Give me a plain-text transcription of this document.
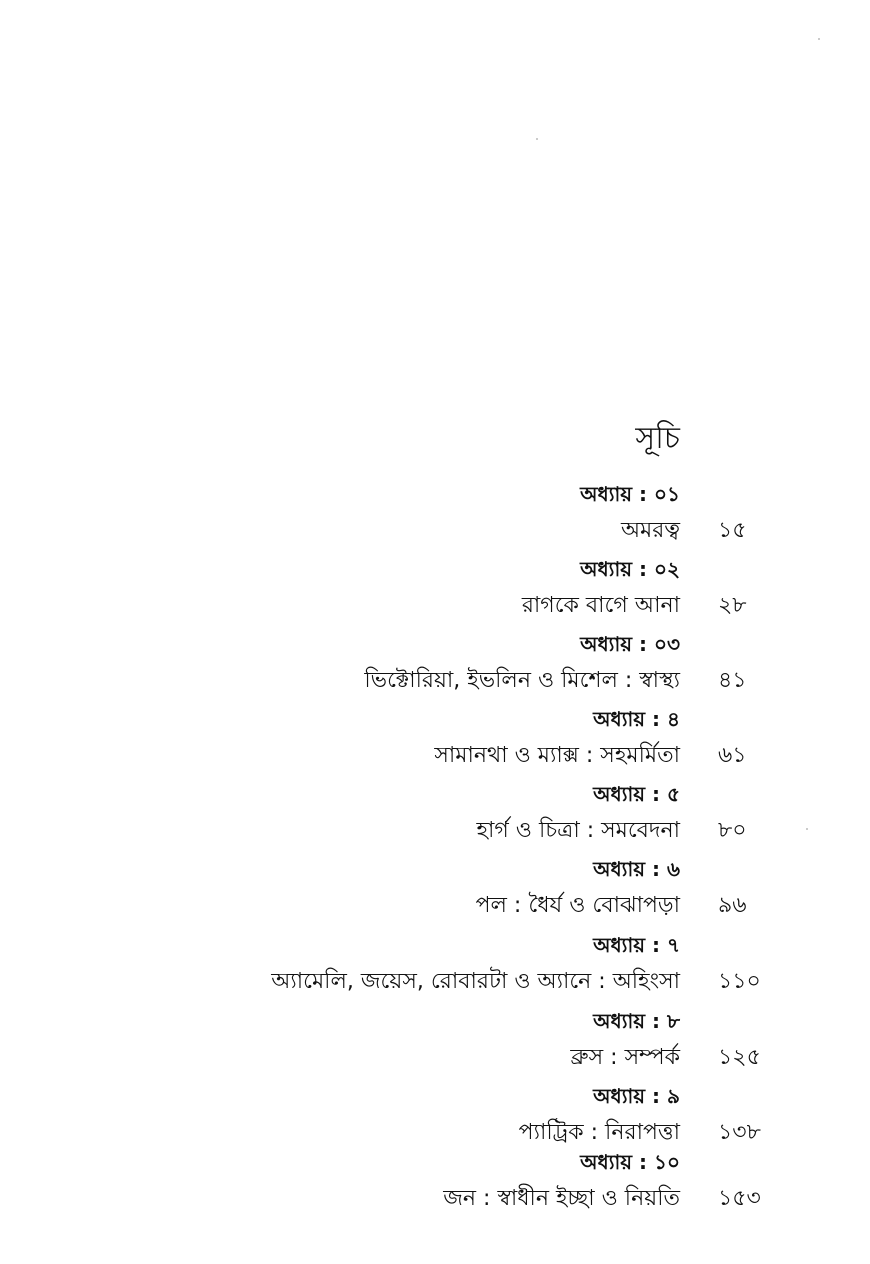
সূচি
অধ্যায় : ০১
অমরত্ব ১৫
অধ্যায় : ০২
রাগকে বাগে আনা ২৮
অধ্যায় : ০৩
ভিক্টোরিয়া, ইভলিন ও মিশেল : স্বাস্থ্য ৪১
অধ্যায় : ৪
সামানথা ও ম্যাক্স : সহমর্মিতা ৬১
অধ্যায় : ৫
হার্গ ও চিত্রা : সমবেদনা ৮০
অধ্যায় : ৬
পল : ধৈর্য ও বোঝাপড়া ৯৬
অধ্যায় : ৭
অ্যামেলি, জয়েস, রোবারটা ও অ্যানে : অহিংসা ১১০
অধ্যায় : ৮
ব্রুস : সম্পর্ক ১২৫
অধ্যায় : ৯
প্যাট্রিক : নিরাপত্তা ১৩৮
অধ্যায় : ১০
জন : স্বাধীন ইচ্ছা ও নিয়তি ১৫৩
